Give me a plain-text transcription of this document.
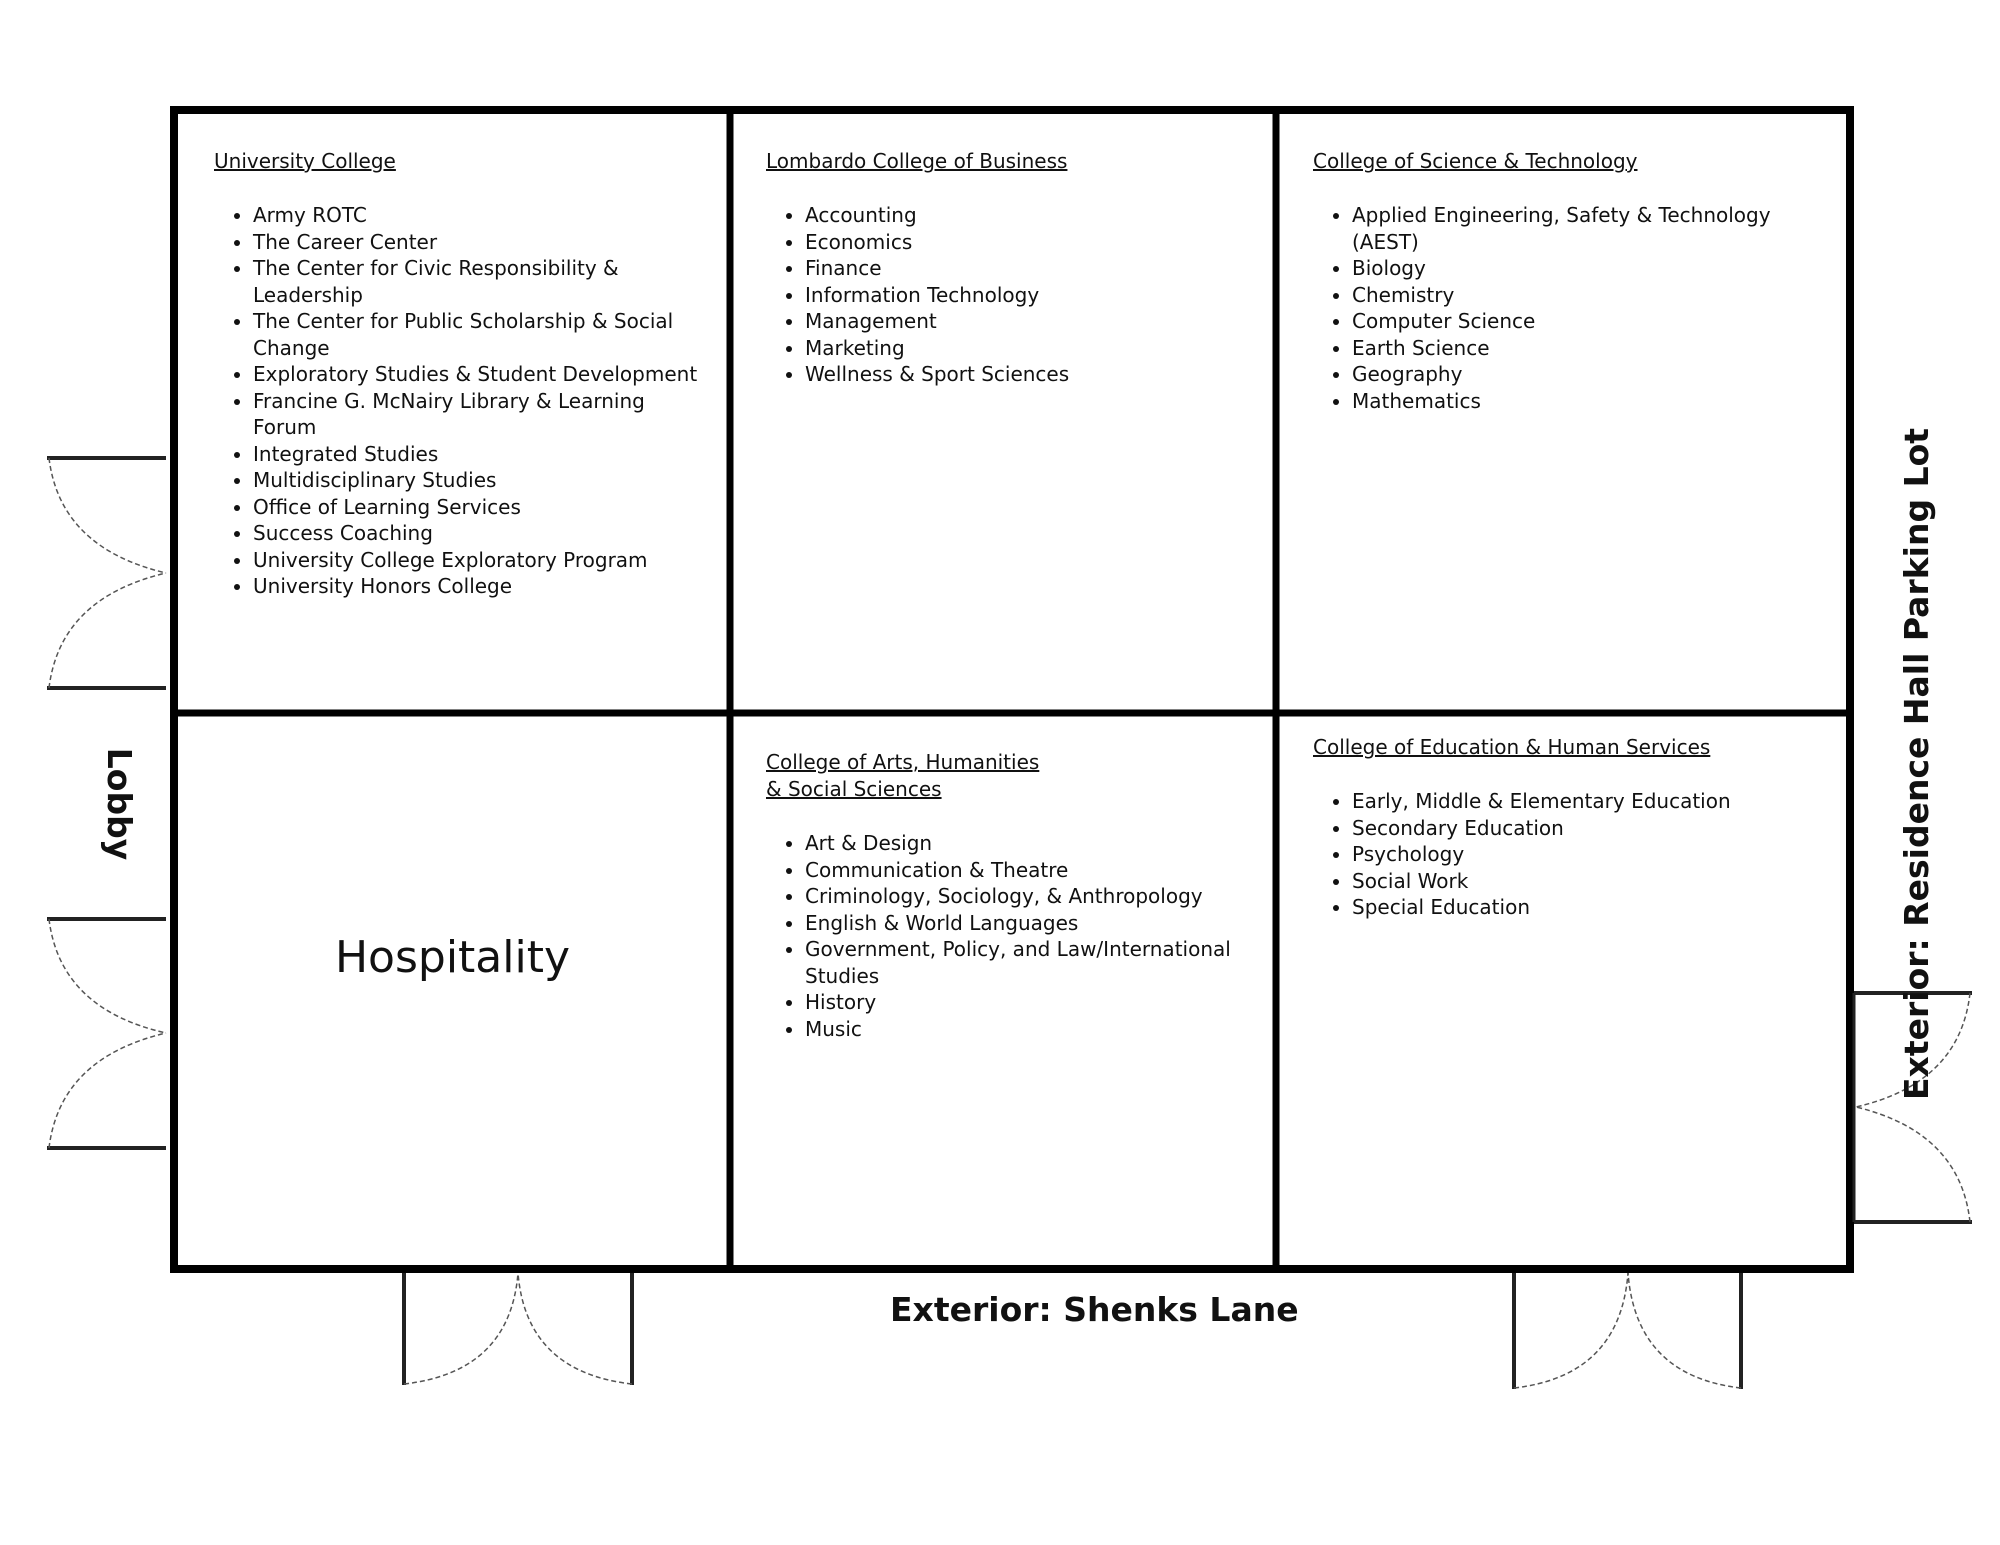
University College
• Army ROTC
• The Career Center
• The Center for Civic Responsibility & Leadership
• The Center for Public Scholarship & Social Change
• Exploratory Studies & Student Development
• Francine G. McNairy Library & Learning Forum
• Integrated Studies
• Multidisciplinary Studies
• Office of Learning Services
• Success Coaching
• University College Exploratory Program
• University Honors College
Lombardo College of Business
• Accounting
• Economics
• Finance
• Information Technology
• Management
• Marketing
• Wellness & Sport Sciences
College of Science & Technology
• Applied Engineering, Safety & Technology (AEST)
• Biology
• Chemistry
• Computer Science
• Earth Science
• Geography
• Mathematics
Hospitality
College of Arts, Humanities
& Social Sciences
• Art & Design
• Communication & Theatre
• Criminology, Sociology, & Anthropology
• English & World Languages
• Government, Policy, and Law/International Studies
• History
• Music
College of Education & Human Services
• Early, Middle & Elementary Education
• Secondary Education
• Psychology
• Social Work
• Special Education
Lobby
Exterior: Shenks Lane
Exterior: Residence Hall Parking Lot
